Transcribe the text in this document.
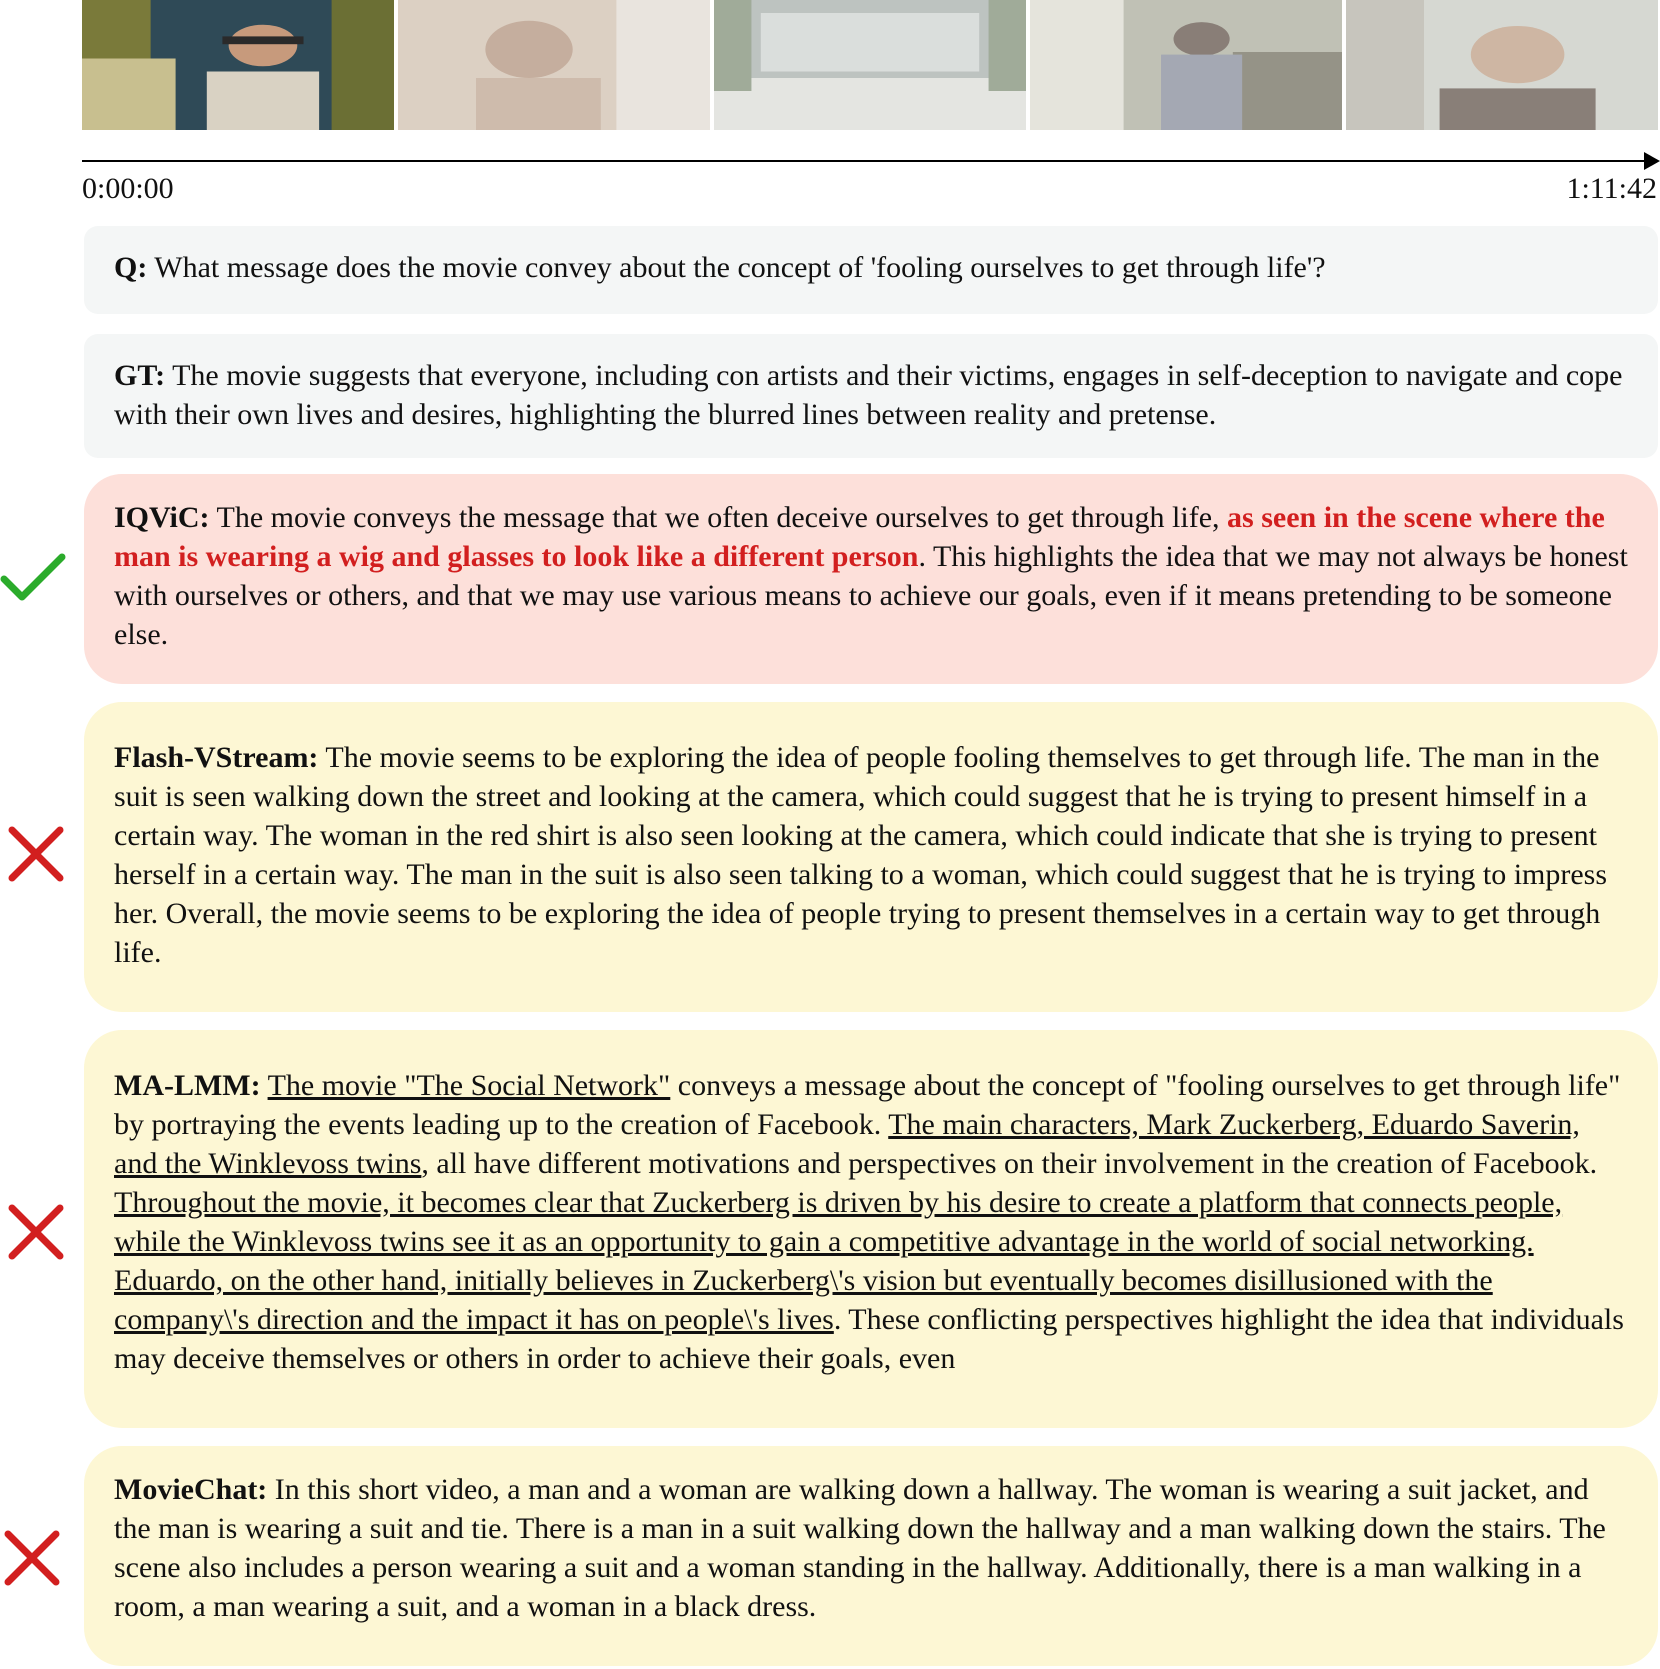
0:00:00	1:11:42
Q: What message does the movie convey about the concept of 'fooling ourselves to get through life'?
GT: The movie suggests that everyone, including con artists and their victims, engages in self-deception to navigate and cope with their own lives and desires, highlighting the blurred lines between reality and pretense.
IQViC: The movie conveys the message that we often deceive ourselves to get through life, as seen in the scene where the man is wearing a wig and glasses to look like a different person. This highlights the idea that we may not always be honest with ourselves or others, and that we may use various means to achieve our goals, even if it means pretending to be someone else.
Flash-VStream: The movie seems to be exploring the idea of people fooling themselves to get through life. The man in the suit is seen walking down the street and looking at the camera, which could suggest that he is trying to present himself in a certain way. The woman in the red shirt is also seen looking at the camera, which could indicate that she is trying to present herself in a certain way. The man in the suit is also seen talking to a woman, which could suggest that he is trying to impress her. Overall, the movie seems to be exploring the idea of people trying to present themselves in a certain way to get through life.
MA-LMM: The movie "The Social Network" conveys a message about the concept of "fooling ourselves to get through life" by portraying the events leading up to the creation of Facebook. The main characters, Mark Zuckerberg, Eduardo Saverin, and the Winklevoss twins, all have different motivations and perspectives on their involvement in the creation of Facebook. Throughout the movie, it becomes clear that Zuckerberg is driven by his desire to create a platform that connects people, while the Winklevoss twins see it as an opportunity to gain a competitive advantage in the world of social networking. Eduardo, on the other hand, initially believes in Zuckerberg\'s vision but eventually becomes disillusioned with the company\'s direction and the impact it has on people\'s lives. These conflicting perspectives highlight the idea that individuals may deceive themselves or others in order to achieve their goals, even
MovieChat: In this short video, a man and a woman are walking down a hallway. The woman is wearing a suit jacket, and the man is wearing a suit and tie. There is a man in a suit walking down the hallway and a man walking down the stairs. The scene also includes a person wearing a suit and a woman standing in the hallway. Additionally, there is a man walking in a room, a man wearing a suit, and a woman in a black dress.
